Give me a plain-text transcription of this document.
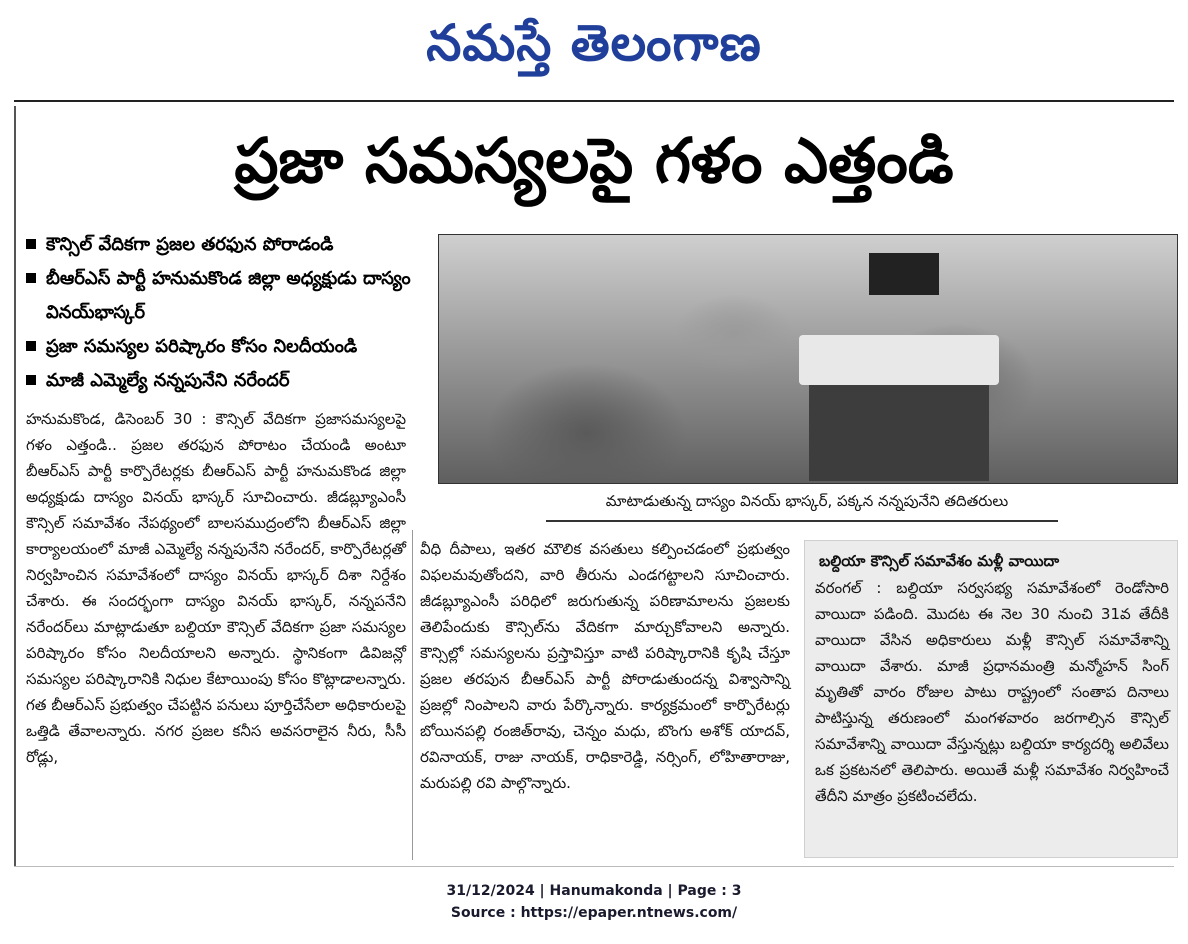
నమస్తే తెలంగాణ
ప్రజా సమస్యలపై గళం ఎత్తండి
కౌన్సిల్ వేదికగా ప్రజల తరఫున పోరాడండి
బీఆర్ఎస్ పార్టీ హనుమకొండ జిల్లా అధ్యక్షుడు దాస్యం వినయ్‌భాస్కర్
ప్రజా సమస్యల పరిష్కారం కోసం నిలదీయండి
మాజీ ఎమ్మెల్యే నన్నపునేని నరేందర్
మాటాడుతున్న దాస్యం వినయ్ భాస్కర్, పక్కన నన్నపునేని తదితరులు
హనుమకొండ, డిసెంబర్ 30 : కౌన్సిల్ వేదికగా ప్రజాసమస్యలపై గళం ఎత్తండి.. ప్రజల తరఫున పోరాటం చేయండి అంటూ బీఆర్ఎస్ పార్టీ కార్పొరేటర్లకు బీఆర్ఎస్ పార్టీ హనుమకొండ జిల్లా అధ్యక్షుడు దాస్యం వినయ్ భాస్కర్ సూచించారు. జీడబ్ల్యూఎంసీ కౌన్సిల్ సమావేశం నేపథ్యంలో బాలసముద్రంలోని బీఆర్ఎస్ జిల్లా కార్యాలయంలో మాజీ ఎమ్మెల్యే నన్నపునేని నరేందర్, కార్పొరేటర్లతో నిర్వహించిన సమావేశంలో దాస్యం వినయ్ భాస్కర్ దిశా నిర్దేశం చేశారు. ఈ సందర్భంగా దాస్యం వినయ్ భాస్కర్, నన్నపనేని నరేందర్‌లు మాట్లాడుతూ బల్దియా కౌన్సిల్ వేదికగా ప్రజా సమస్యల పరిష్కారం కోసం నిలదీయాలని అన్నారు. స్థానికంగా డివిజన్లో సమస్యల పరిష్కారానికి నిధుల కేటాయింపు కోసం కొట్లాడాలన్నారు. గత బీఆర్ఎస్ ప్రభుత్వం చేపట్టిన పనులు పూర్తిచేసేలా అధికారులపై ఒత్తిడి తేవాలన్నారు. నగర ప్రజల కనీస అవసరాలైన నీరు, సీసీ రోడ్లు,
వీధి దీపాలు, ఇతర మౌలిక వసతులు కల్పించడంలో ప్రభుత్వం విఫలమవుతోందని, వారి తీరును ఎండగట్టాలని సూచించారు. జీడబ్ల్యూఎంసీ పరిధిలో జరుగుతున్న పరిణామాలను ప్రజలకు తెలిపేందుకు కౌన్సిల్‌ను వేదికగా మార్చుకోవాలని అన్నారు. కౌన్సిల్లో సమస్యలను ప్రస్తావిస్తూ వాటి పరిష్కారానికి కృషి చేస్తూ ప్రజల తరపున బీఆర్ఎస్ పార్టీ పోరాడుతుందన్న విశ్వాసాన్ని ప్రజల్లో నింపాలని వారు పేర్కొన్నారు. కార్యక్రమంలో కార్పొరేటర్లు బోయినపల్లి రంజిత్‌రావు, చెన్నం మధు, బొంగు అశోక్ యాదవ్, రవినాయక్, రాజు నాయక్, రాధికారెడ్డి, నర్సింగ్, లోహితారాజు, మరుపల్లి రవి పాల్గొన్నారు.
బల్దియా కౌన్సిల్ సమావేశం మళ్లీ వాయిదా
వరంగల్ : బల్దియా సర్వసభ్య సమావేశంలో రెండోసారి వాయిదా పడింది. మొదట ఈ నెల 30 నుంచి 31వ తేదీకి వాయిదా వేసిన అధికారులు మళ్లీ కౌన్సిల్ సమావేశాన్ని వాయిదా వేశారు. మాజీ ప్రధానమంత్రి మన్మోహన్ సింగ్ మృతితో వారం రోజుల పాటు రాష్ట్రంలో సంతాప దినాలు పాటిస్తున్న తరుణంలో మంగళవారం జరగాల్సిన కౌన్సిల్ సమావేశాన్ని వాయిదా వేస్తున్నట్లు బల్దియా కార్యదర్శి అలివేలు ఒక ప్రకటనలో తెలిపారు. అయితే మళ్లీ సమావేశం నిర్వహించే తేదీని మాత్రం ప్రకటించలేదు.
31/12/2024 | Hanumakonda | Page : 3
Source : https://epaper.ntnews.com/
